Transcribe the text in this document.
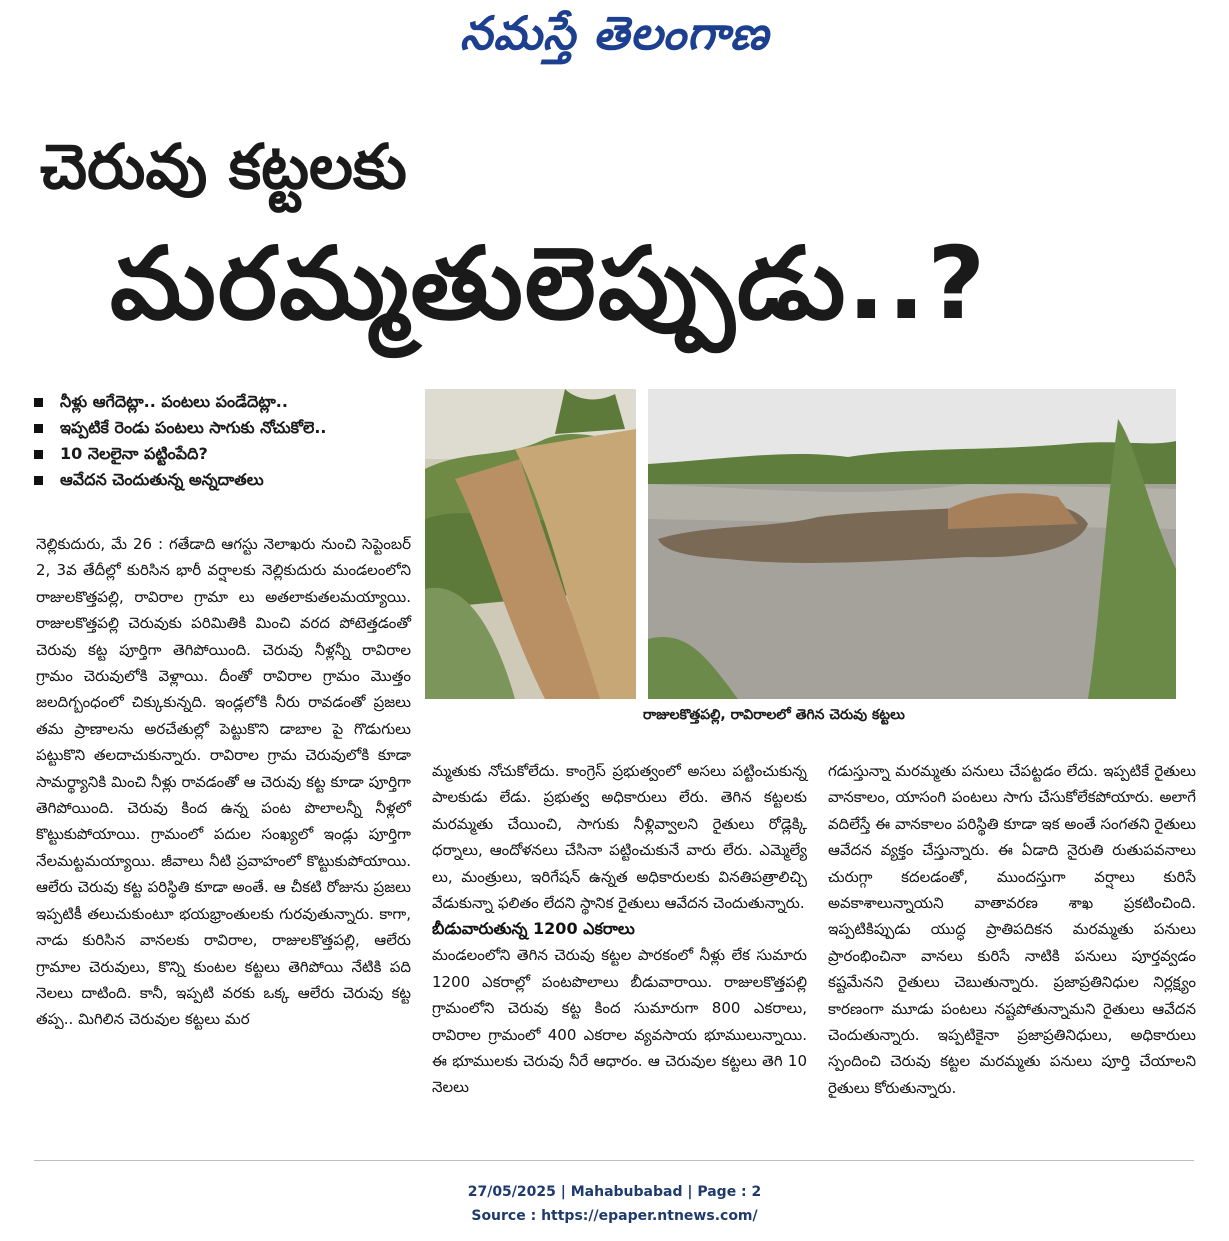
నమస్తే తెలంగాణ
చెరువు కట్టలకు
మరమ్మతులెప్పుడు..?
నీళ్లు ఆగేదెట్లా.. పంటలు పండేదెట్లా..
ఇప్పటికే రెండు పంటలు సాగుకు నోచుకోలె..
10 నెలలైనా పట్టింపేది?
ఆవేదన చెందుతున్న అన్నదాతలు

నెల్లికుదురు, మే 26 : గతేడాది ఆగస్టు నెలాఖరు నుంచి సెప్టెంబర్ 2, 3వ తేదీల్లో కురిసిన భారీ వర్షాలకు నెల్లికుదురు మండలంలోని రాజులకొత్తపల్లి, రావిరాల గ్రామా లు అతలాకుతలమయ్యాయి. రాజులకొత్తపల్లి చెరువుకు పరిమితికి మించి వరద పోటెత్తడంతో చెరువు కట్ట పూర్తిగా తెగిపోయింది. చెరువు నీళ్లన్నీ రావిరాల గ్రామం చెరువులోకి వెళ్లాయి. దీంతో రావిరాల గ్రామం మొత్తం జలదిగ్బంధంలో చిక్కుకున్నది. ఇండ్లలోకి నీరు రావడంతో ప్రజలు తమ ప్రాణాలను అరచేతుల్లో పెట్టుకొని డాబాల పై గొడుగులు పట్టుకొని తలదాచుకున్నారు. రావిరాల గ్రామ చెరువులోకి కూడా సామర్థ్యానికి మించి నీళ్లు రావడంతో ఆ చెరువు కట్ట కూడా పూర్తిగా తెగిపోయింది. చెరువు కింద ఉన్న పంట పొలాలన్నీ నీళ్లలో కొట్టుకుపోయాయి. గ్రామంలో పదుల సంఖ్యలో ఇండ్లు పూర్తిగా నేలమట్టమయ్యాయి. జీవాలు నీటి ప్రవాహంలో కొట్టుకుపోయాయి. ఆలేరు చెరువు కట్ట పరిస్థితి కూడా అంతే. ఆ చీకటి రోజును ప్రజలు ఇప్పటికీ తలుచుకుంటూ భయభ్రాంతులకు గురవుతున్నారు. కాగా, నాడు కురిసిన వానలకు రావిరాల, రాజులకొత్తపల్లి, ఆలేరు గ్రామాల చెరువులు, కొన్ని కుంటల కట్టలు తెగిపోయి నేటికి పది నెలలు దాటింది. కానీ, ఇప్పటి వరకు ఒక్క ఆలేరు చెరువు కట్ట తప్ప.. మిగిలిన చెరువుల కట్టలు మర

రాజులకొత్తపల్లి, రావిరాలలో తెగిన చెరువు కట్టలు

మ్మతుకు నోచుకోలేదు. కాంగ్రెస్ ప్రభుత్వంలో అసలు పట్టించుకున్న పాలకుడు లేడు. ప్రభుత్వ అధికారులు లేరు. తెగిన కట్టలకు మరమ్మతు చేయించి, సాగుకు నీళ్లివ్వాలని రైతులు రోడ్లెక్కి ధర్నాలు, ఆందోళనలు చేసినా పట్టించుకునే వారు లేరు. ఎమ్మెల్యే లు, మంత్రులు, ఇరిగేషన్ ఉన్నత అధికారులకు వినతిపత్రాలిచ్చి వేడుకున్నా ఫలితం లేదని స్థానిక రైతులు ఆవేదన చెందుతున్నారు.

బీడువారుతున్న 1200 ఎకరాలు

మండలంలోని తెగిన చెరువు కట్టల పారకంలో నీళ్లు లేక సుమారు 1200 ఎకరాల్లో పంటపొలాలు బీడువారాయి. రాజులకొత్తపల్లి గ్రామంలోని చెరువు కట్ట కింద సుమారుగా 800 ఎకరాలు, రావిరాల గ్రామంలో 400 ఎకరాల వ్యవసాయ భూములున్నాయి. ఈ భూములకు చెరువు నీరే ఆధారం. ఆ చెరువుల కట్టలు తెగి 10 నెలలు

గడుస్తున్నా మరమ్మతు పనులు చేపట్టడం లేదు. ఇప్పటికే రైతులు వానకాలం, యాసంగి పంటలు సాగు చేసుకోలేకపోయారు. అలాగే వదిలేస్తే ఈ వానకాలం పరిస్థితి కూడా ఇక అంతే సంగతని రైతులు ఆవేదన వ్యక్తం చేస్తున్నారు. ఈ ఏడాది నైరుతి రుతుపవనాలు చురుగ్గా కదలడంతో, ముందస్తుగా వర్షాలు కురిసే అవకాశాలున్నాయని వాతావరణ శాఖ ప్రకటించింది. ఇప్పటికిప్పుడు యుద్ధ ప్రాతిపదికన మరమ్మతు పనులు ప్రారంభించినా వానలు కురిసే నాటికి పనులు పూర్తవ్వడం కష్టమేనని రైతులు చెబుతున్నారు. ప్రజాప్రతినిధుల నిర్లక్ష్యం కారణంగా మూడు పంటలు నష్టపోతున్నామని రైతులు ఆవేదన చెందుతున్నారు. ఇప్పటికైనా ప్రజాప్రతినిధులు, అధికారులు స్పందించి చెరువు కట్టల మరమ్మతు పనులు పూర్తి చేయాలని రైతులు కోరుతున్నారు.

27/05/2025 | Mahabubabad | Page : 2
Source : https://epaper.ntnews.com/
